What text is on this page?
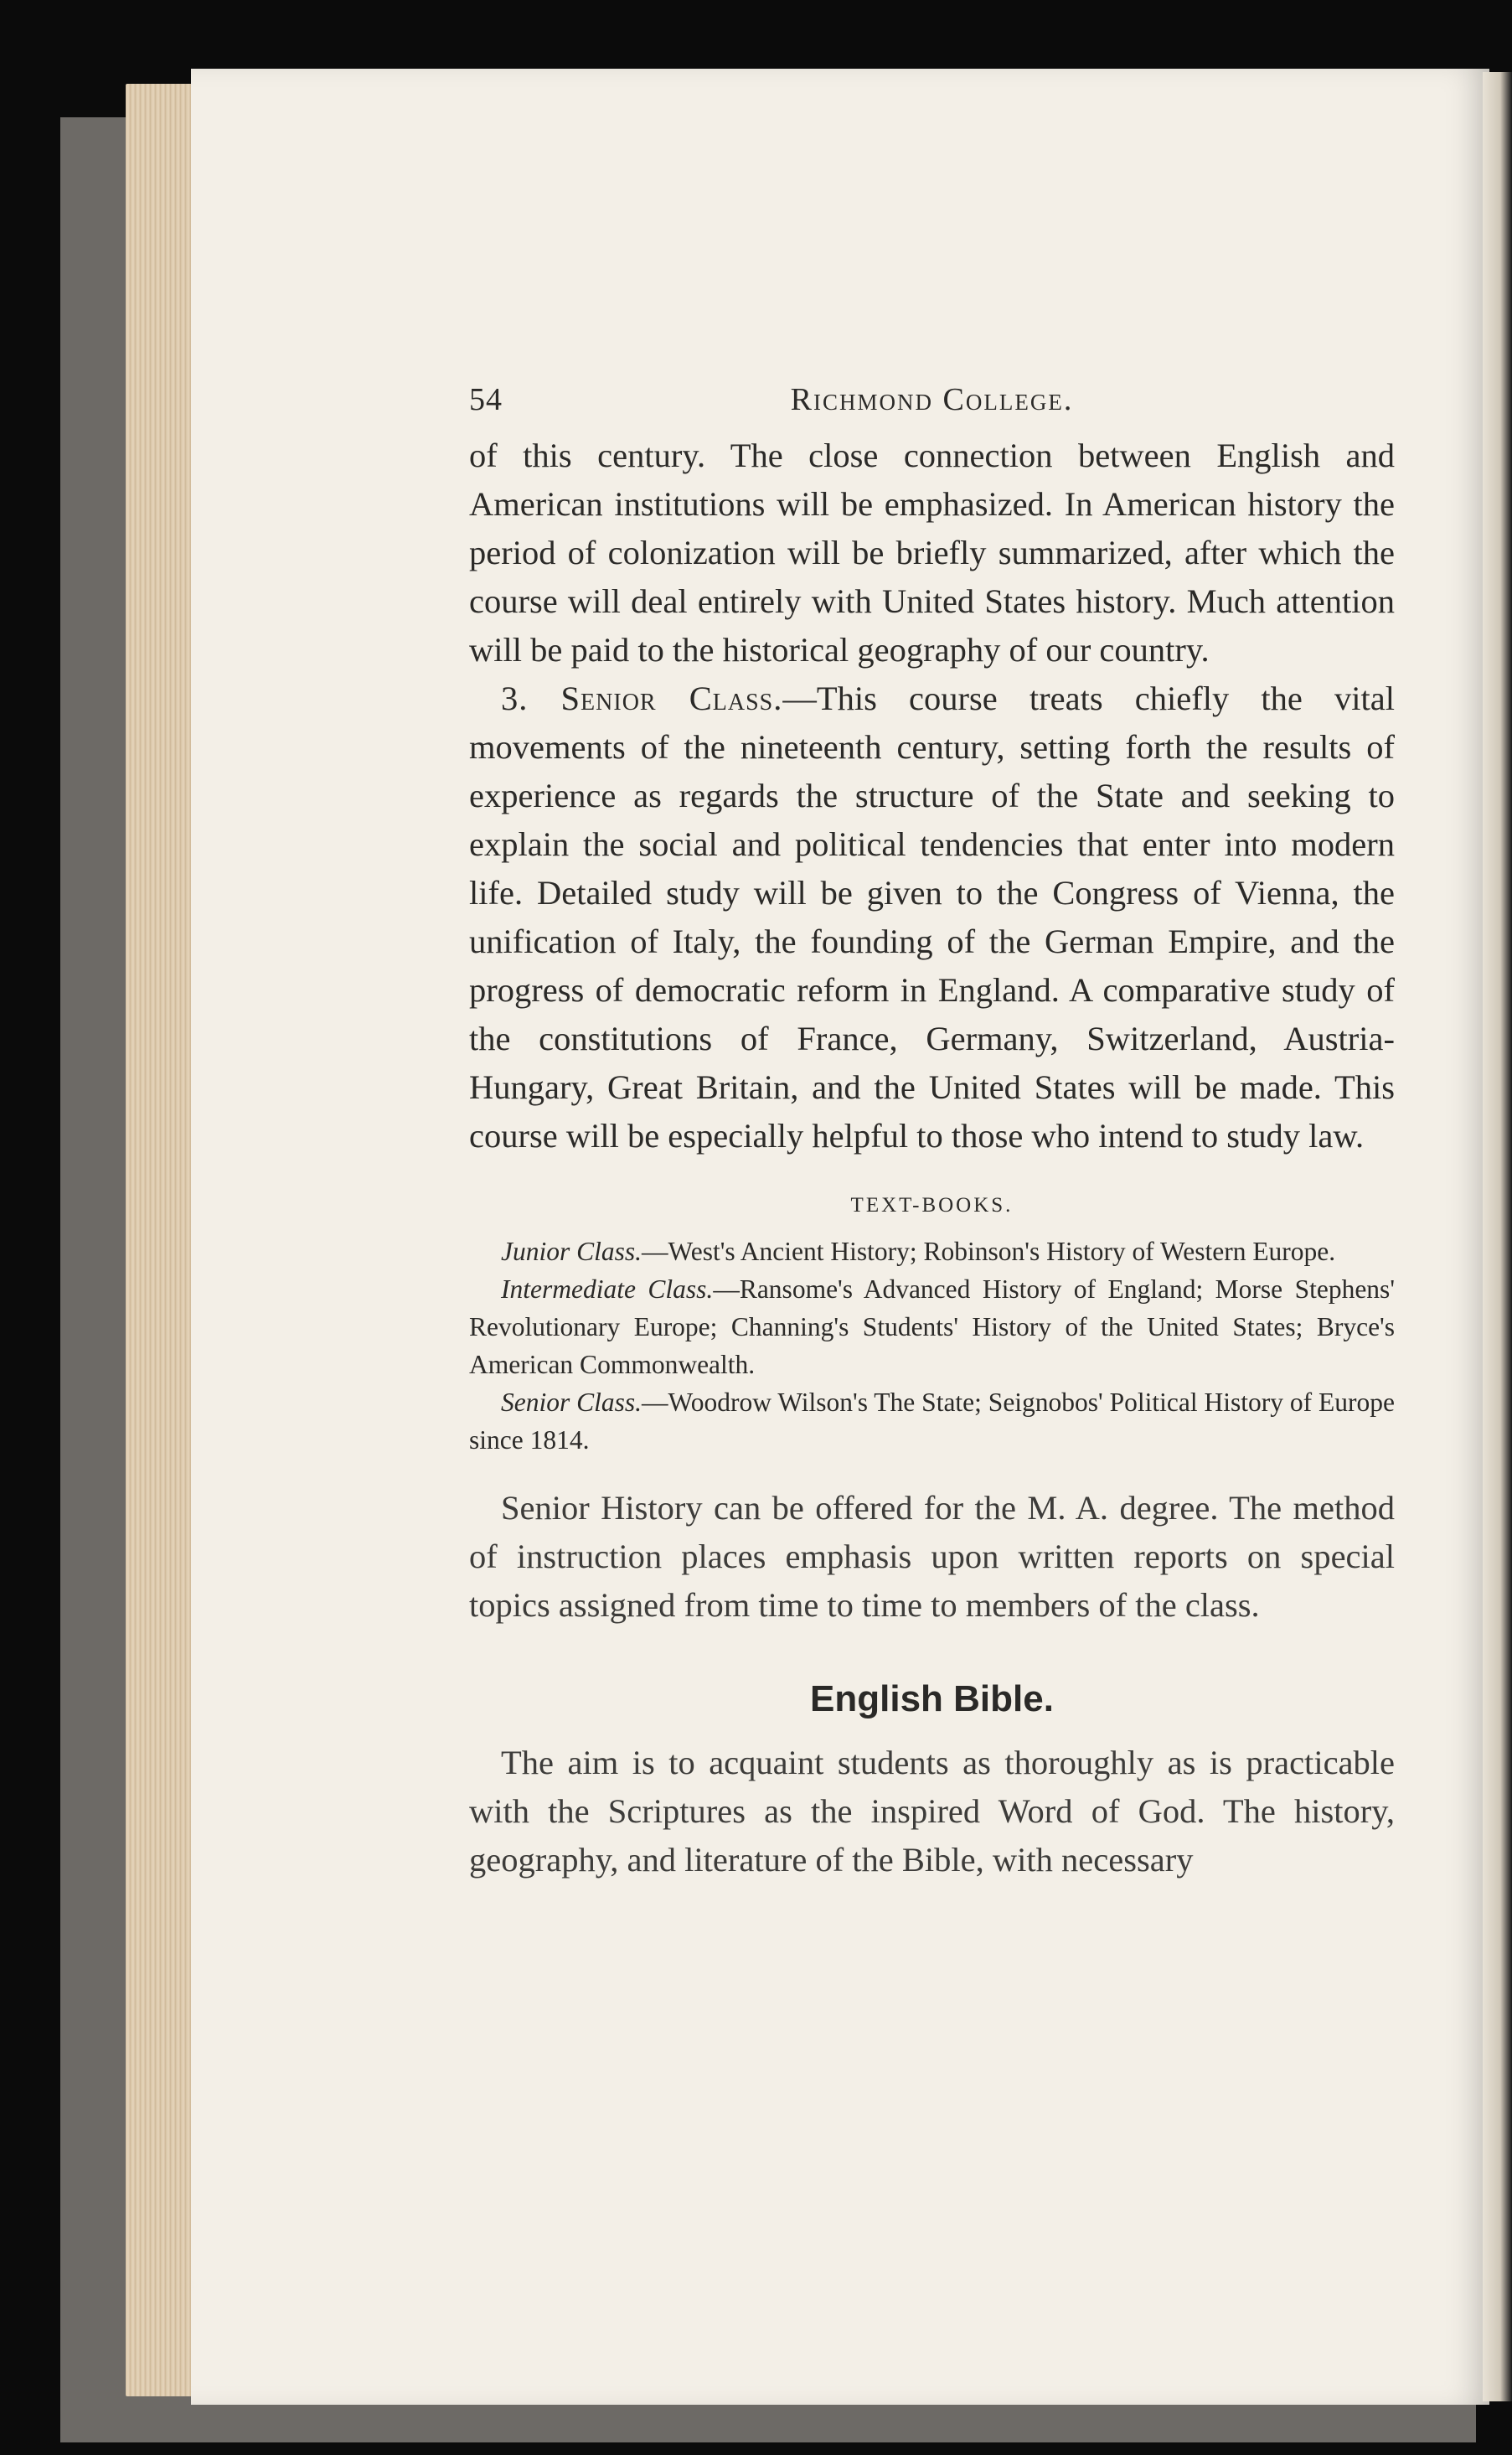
54	Richmond College.

of this century. The close connection between English and American institutions will be emphasized. In American history the period of colonization will be briefly summarized, after which the course will deal entirely with United States history. Much attention will be paid to the historical geography of our country.

3. Senior Class.—This course treats chiefly the vital movements of the nineteenth century, setting forth the results of experience as regards the structure of the State and seeking to explain the social and political tendencies that enter into modern life. Detailed study will be given to the Congress of Vienna, the unification of Italy, the founding of the German Empire, and the progress of democratic reform in England. A comparative study of the constitutions of France, Germany, Switzerland, Austria-Hungary, Great Britain, and the United States will be made. This course will be especially helpful to those who intend to study law.

TEXT-BOOKS.

Junior Class.—West's Ancient History; Robinson's History of Western Europe.

Intermediate Class.—Ransome's Advanced History of England; Morse Stephens' Revolutionary Europe; Channing's Students' History of the United States; Bryce's American Commonwealth.

Senior Class.—Woodrow Wilson's The State; Seignobos' Political History of Europe since 1814.

Senior History can be offered for the M. A. degree. The method of instruction places emphasis upon written reports on special topics assigned from time to time to members of the class.

English Bible.

The aim is to acquaint students as thoroughly as is practicable with the Scriptures as the inspired Word of God. The history, geography, and literature of the Bible, with necessary
